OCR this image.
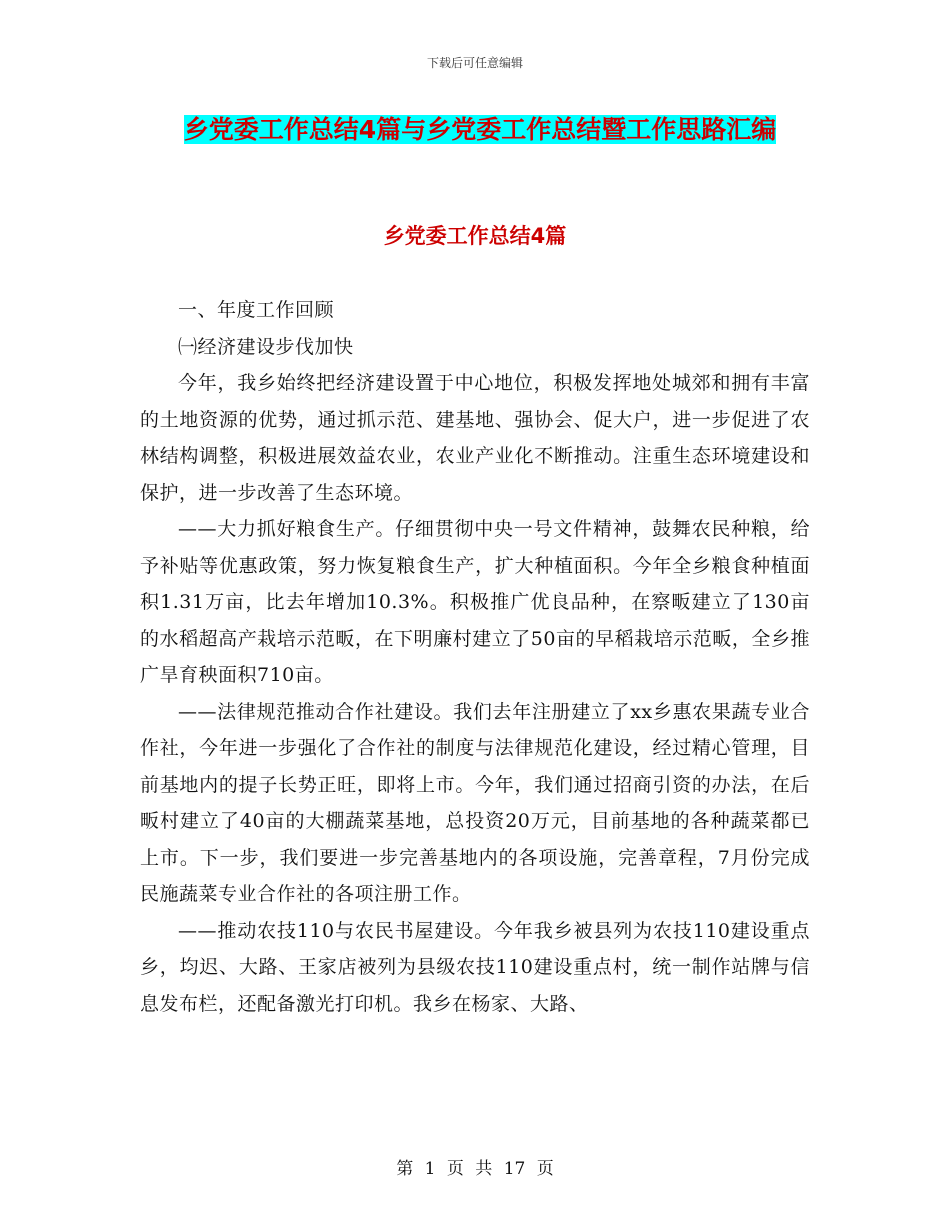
下载后可任意编辑
乡党委工作总结4篇与乡党委工作总结暨工作思路汇编
乡党委工作总结4篇

一、年度工作回顾

㈠经济建设步伐加快

今年，我乡始终把经济建设置于中心地位，积极发挥地处城郊和拥有丰富的土地资源的优势，通过抓示范、建基地、强协会、促大户，进一步促进了农林结构调整，积极进展效益农业，农业产业化不断推动。注重生态环境建设和保护，进一步改善了生态环境。

——大力抓好粮食生产。仔细贯彻中央一号文件精神，鼓舞农民种粮，给予补贴等优惠政策，努力恢复粮食生产，扩大种植面积。今年全乡粮食种植面积1.31万亩，比去年增加10.3%。积极推广优良品种，在察畈建立了130亩的水稻超高产栽培示范畈，在下明廉村建立了50亩的早稻栽培示范畈，全乡推广旱育秧面积710亩。

——法律规范推动合作社建设。我们去年注册建立了xx乡惠农果蔬专业合作社，今年进一步强化了合作社的制度与法律规范化建设，经过精心管理，目前基地内的提子长势正旺，即将上市。今年，我们通过招商引资的办法，在后畈村建立了40亩的大棚蔬菜基地，总投资20万元，目前基地的各种蔬菜都已上市。下一步，我们要进一步完善基地内的各项设施，完善章程，7月份完成民施蔬菜专业合作社的各项注册工作。

——推动农技110与农民书屋建设。今年我乡被县列为农技110建设重点乡，均迟、大路、王家店被列为县级农技110建设重点村，统一制作站牌与信息发布栏，还配备激光打印机。我乡在杨家、大路、

第 1 页 共 17 页
